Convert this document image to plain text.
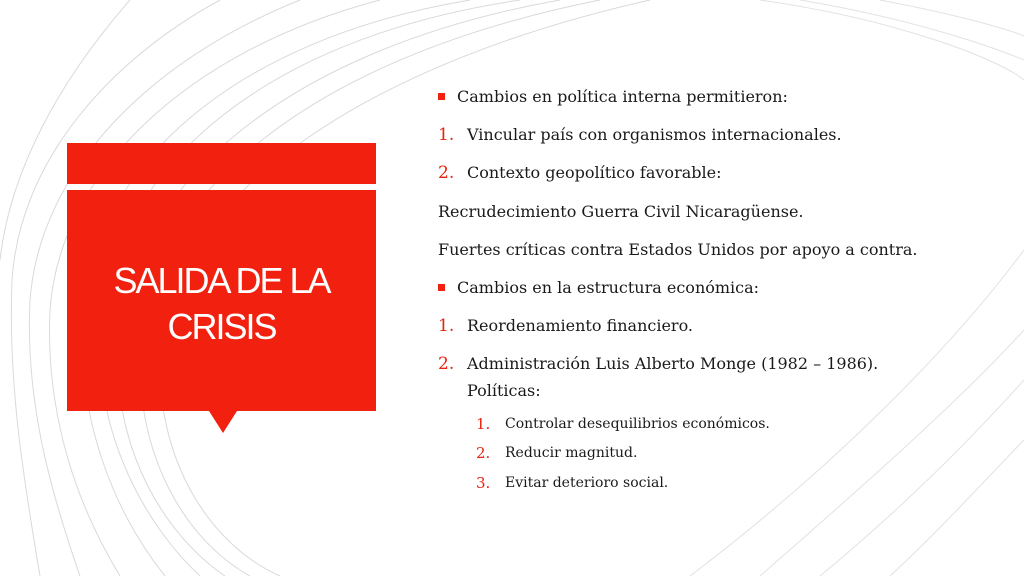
SALIDA DE LA CRISIS
Cambios en política interna permitieron:
1. Vincular país con organismos internacionales.
2. Contexto geopolítico favorable:
Recrudecimiento Guerra Civil Nicaragüense.
Fuertes críticas contra Estados Unidos por apoyo a contra.
Cambios en la estructura económica:
1. Reordenamiento financiero.
2. Administración Luis Alberto Monge (1982 – 1986).
Políticas:
1. Controlar desequilibrios económicos.
2. Reducir magnitud.
3. Evitar deterioro social.
